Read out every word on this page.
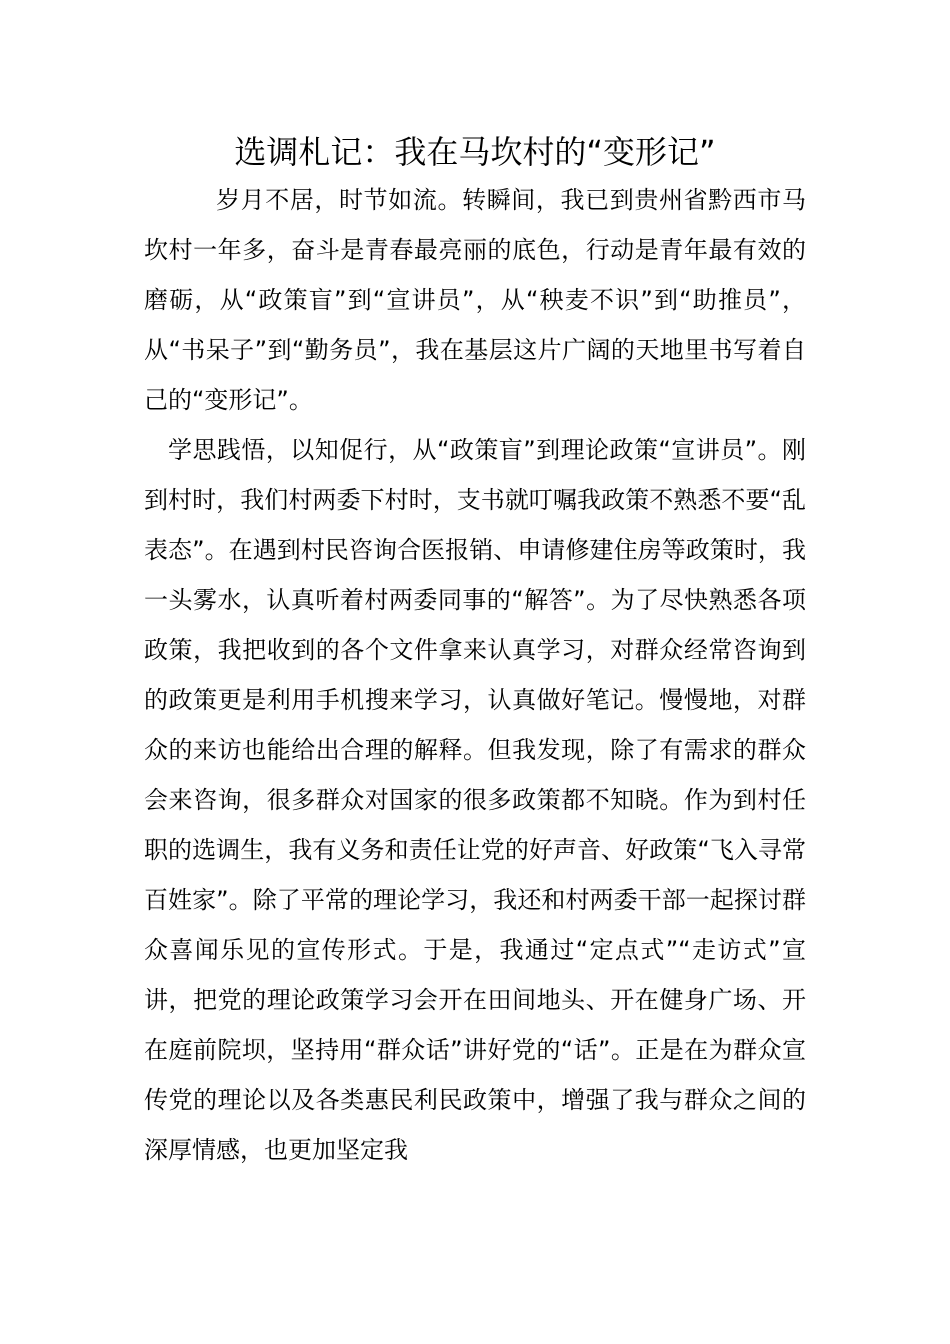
选调札记：我在马坎村的“变形记”

岁月不居，时节如流。转瞬间，我已到贵州省黔西市马坎村一年多，奋斗是青春最亮丽的底色，行动是青年最有效的磨砺，从“政策盲”到“宣讲员”，从“秧麦不识”到“助推员”，从“书呆子”到“勤务员”，我在基层这片广阔的天地里书写着自己的“变形记”。

学思践悟，以知促行，从“政策盲”到理论政策“宣讲员”。刚到村时，我们村两委下村时，支书就叮嘱我政策不熟悉不要“乱表态”。在遇到村民咨询合医报销、申请修建住房等政策时，我一头雾水，认真听着村两委同事的“解答”。为了尽快熟悉各项政策，我把收到的各个文件拿来认真学习，对群众经常咨询到的政策更是利用手机搜来学习，认真做好笔记。慢慢地，对群众的来访也能给出合理的解释。但我发现，除了有需求的群众会来咨询，很多群众对国家的很多政策都不知晓。作为到村任职的选调生，我有义务和责任让党的好声音、好政策“飞入寻常百姓家”。除了平常的理论学习，我还和村两委干部一起探讨群众喜闻乐见的宣传形式。于是，我通过“定点式”“走访式”宣讲，把党的理论政策学习会开在田间地头、开在健身广场、开在庭前院坝，坚持用“群众话”讲好党的“话”。正是在为群众宣传党的理论以及各类惠民利民政策中，增强了我与群众之间的深厚情感，也更加坚定我
